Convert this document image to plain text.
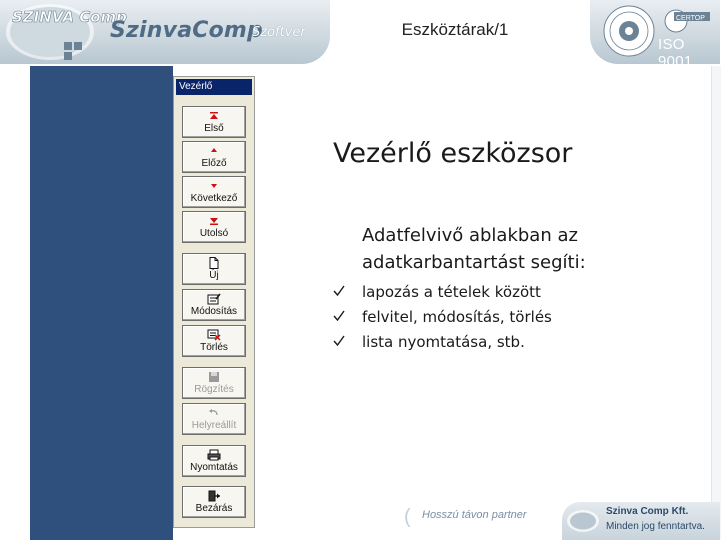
SZINVA Comp
SzinvaComp
Szoftver	Eszköztárak/1
CERTOP
ISO 9001
Vezérlő
Első
Előző
Következő
Utolsó
Új
Módosítás
Törlés
Rögzítés
Helyreállít
Nyomtatás
Bezárás
Vezérlő eszközsor
Adatfelvivő ablakban az adatkarbantartást segíti:
lapozás a tételek között
felvitel, módosítás, törlés
lista nyomtatása, stb.
( Hosszú távon partner	Szinva Comp Kft.
Minden jog fenntartva.
